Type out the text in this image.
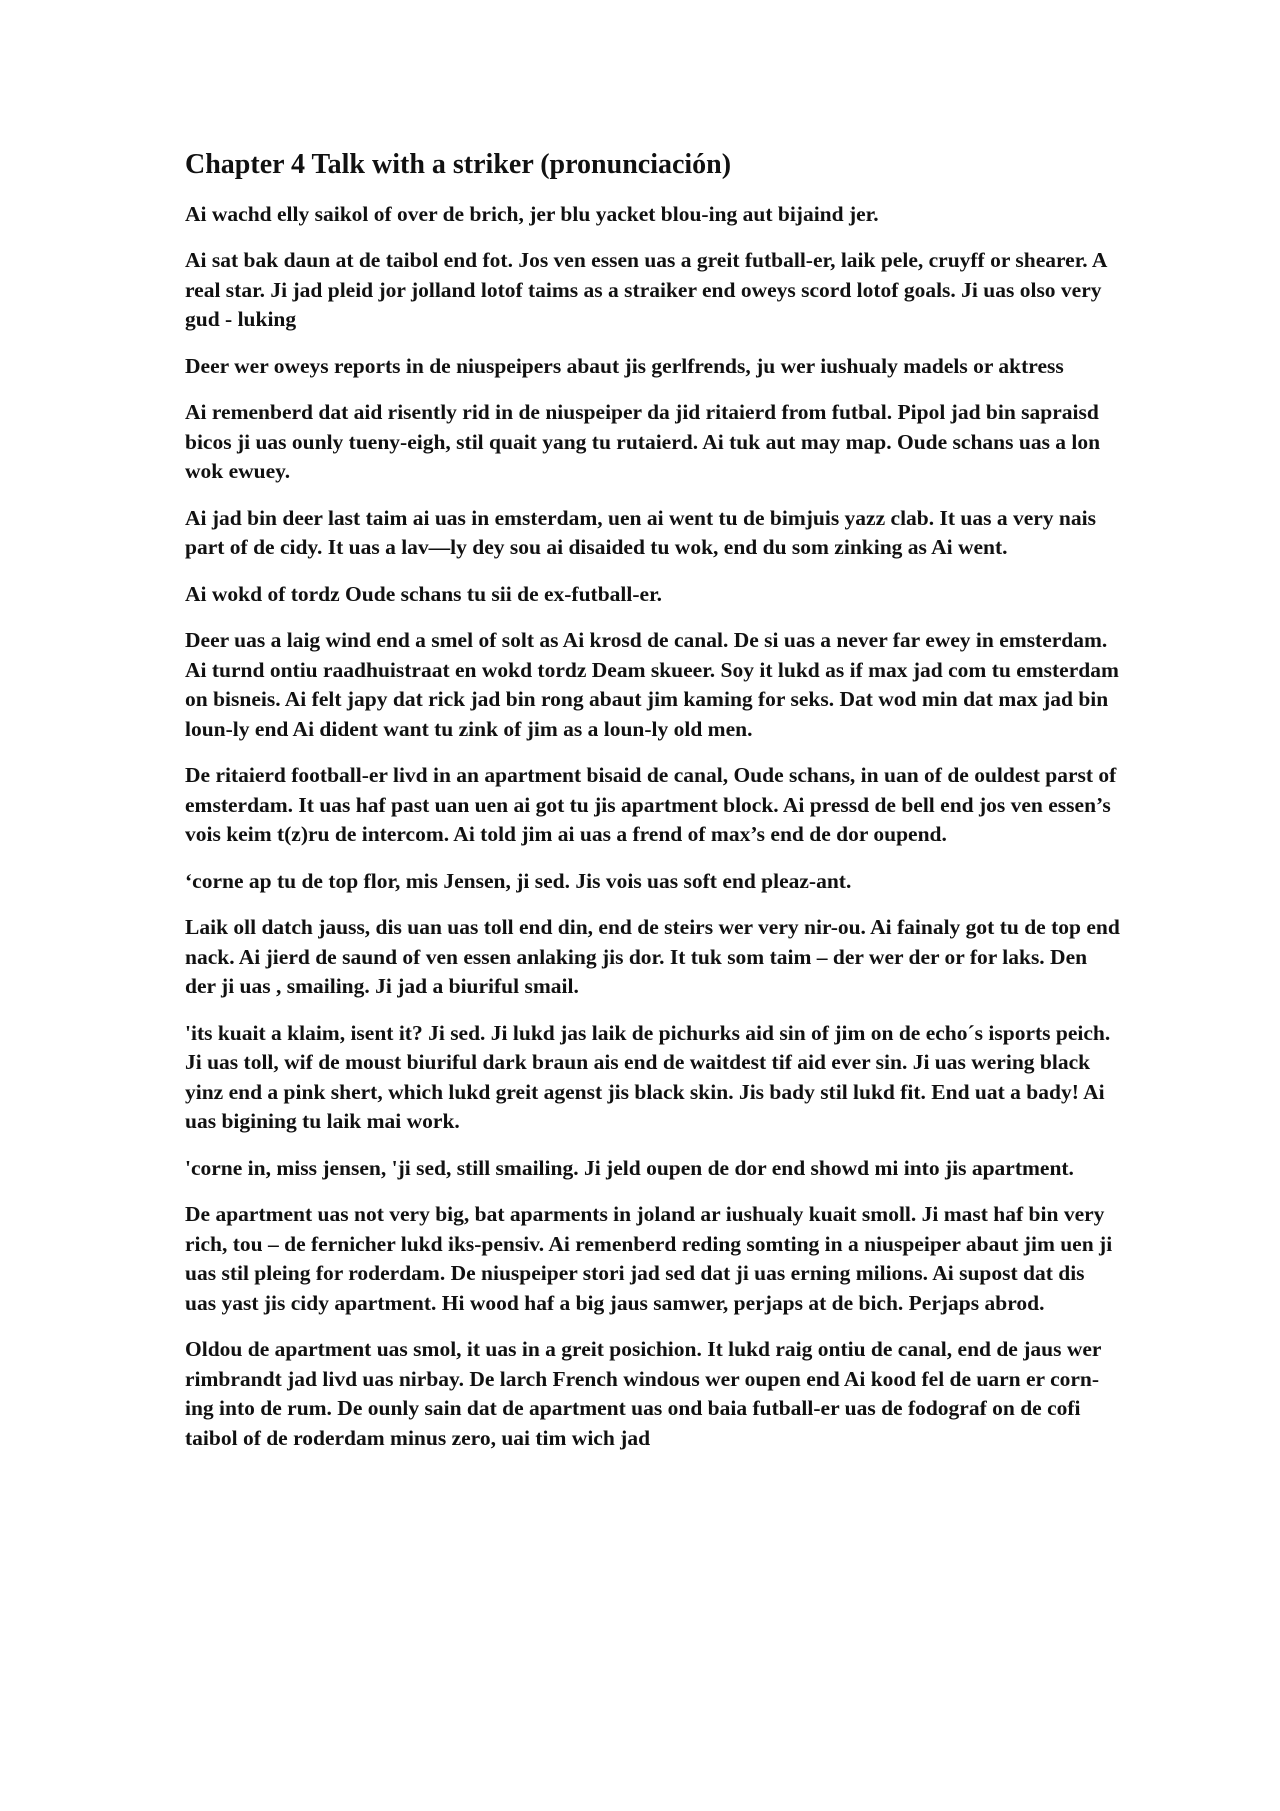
Chapter 4 Talk with a striker (pronunciación)

Ai wachd elly saikol of over de brich, jer blu yacket blou-ing aut bijaind jer.

Ai sat bak daun at de taibol end fot. Jos ven essen uas a greit futball-er, laik pele, cruyff or shearer. A real star. Ji jad pleid jor jolland lotof taims as a straiker end oweys scord lotof goals. Ji uas olso very gud - luking

Deer wer oweys reports in de niuspeipers abaut jis gerlfrends, ju wer iushualy madels or aktress

Ai remenberd dat aid risently rid in de niuspeiper da jid ritaierd from futbal. Pipol jad bin sapraisd bicos ji uas ounly tueny-eigh, stil quait yang tu rutaierd. Ai tuk aut may map. Oude schans uas a lon wok ewuey.

Ai jad bin deer last taim ai uas in emsterdam, uen ai went tu de bimjuis yazz clab. It uas a very nais part of de cidy. It uas a lav—ly dey sou ai disaided tu wok, end du som zinking as Ai went.

Ai wokd of tordz Oude schans tu sii de ex-futball-er.

Deer uas a laig wind end a smel of solt as Ai krosd de canal. De si uas a never far ewey in emsterdam. Ai turnd ontiu raadhuistraat en wokd tordz Deam skueer. Soy it lukd as if max jad com tu emsterdam on bisneis. Ai felt japy dat rick jad bin rong abaut jim kaming for seks. Dat wod min dat max jad bin loun-ly end Ai dident want tu zink of jim as a loun-ly old men.

De ritaierd football-er livd in an apartment bisaid de canal, Oude schans, in uan of de ouldest parst of emsterdam. It uas haf past uan uen ai got tu jis apartment block. Ai pressd de bell end jos ven essen’s vois keim t(z)ru de intercom. Ai told jim ai uas a frend of max’s end de dor oupend.

‘corne ap tu de top flor, mis Jensen, ji sed. Jis vois uas soft end pleaz-ant.

Laik oll datch jauss, dis uan uas toll end din, end de steirs wer very nir-ou. Ai fainaly got tu de top end nack. Ai jierd de saund of ven essen anlaking jis dor. It tuk som taim – der wer der or for laks. Den der ji uas , smailing. Ji jad a biuriful smail.

'its kuait a klaim, isent it? Ji sed. Ji lukd jas laik de pichurks aid sin of jim on de echo´s isports peich. Ji uas toll, wif de moust biuriful dark braun ais end de waitdest tif aid ever sin. Ji uas wering black yinz end a pink shert, which lukd greit agenst jis black skin. Jis bady stil lukd fit. End uat a bady! Ai uas bigining tu laik mai work.

'corne in, miss jensen, 'ji sed, still smailing. Ji jeld oupen de dor end showd mi into jis apartment.

De apartment uas not very big, bat aparments in joland ar iushualy kuait smoll. Ji mast haf bin very rich, tou – de fernicher lukd iks-pensiv. Ai remenberd reding somting in a niuspeiper abaut jim uen ji uas stil pleing for roderdam. De niuspeiper stori jad sed dat ji uas erning milions. Ai supost dat dis uas yast jis cidy apartment. Hi wood haf a big jaus samwer, perjaps at de bich. Perjaps abrod.

Oldou de apartment uas smol, it uas in a greit posichion. It lukd raig ontiu de canal, end de jaus wer rimbrandt jad livd uas nirbay. De larch French windous wer oupen end Ai kood fel de uarn er corn-ing into de rum. De ounly sain dat de apartment uas ond baia futball-er uas de fodograf on de cofi taibol of de roderdam minus zero, uai tim wich jad
